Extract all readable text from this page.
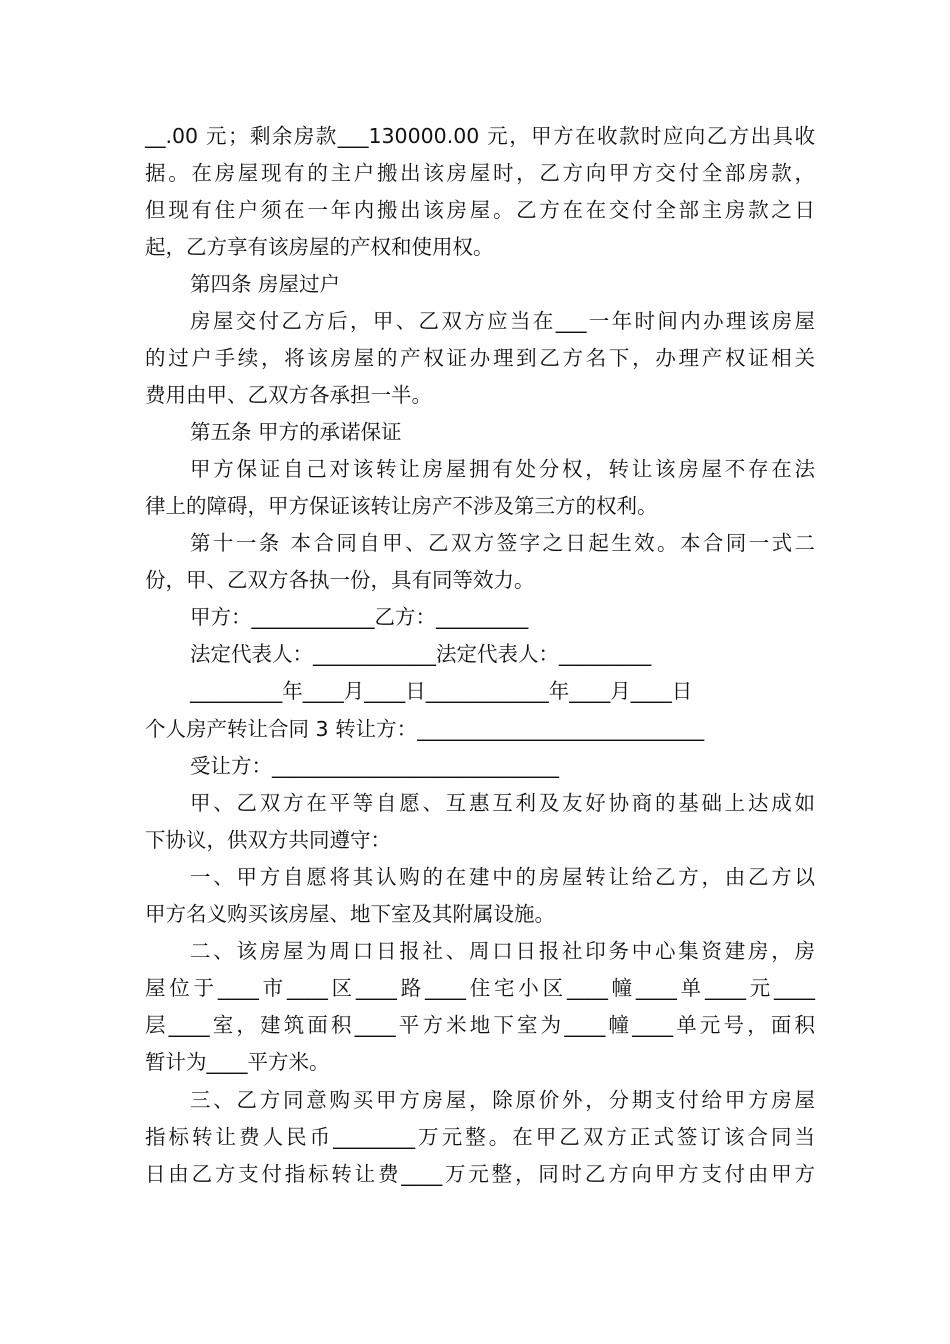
__.00 元；剩余房款___130000.00 元，甲方在收款时应向乙方出具收
据。在房屋现有的主户搬出该房屋时，乙方向甲方交付全部房款，
但现有住户须在一年内搬出该房屋。乙方在在交付全部主房款之日
起，乙方享有该房屋的产权和使用权。
第四条 房屋过户
房屋交付乙方后，甲、乙双方应当在___一年时间内办理该房屋
的过户手续，将该房屋的产权证办理到乙方名下，办理产权证相关
费用由甲、乙双方各承担一半。
第五条 甲方的承诺保证
甲方保证自己对该转让房屋拥有处分权，转让该房屋不存在法
律上的障碍，甲方保证该转让房产不涉及第三方的权利。
第十一条 本合同自甲、乙双方签字之日起生效。本合同一式二
份，甲、乙双方各执一份，具有同等效力。
甲方：____________乙方：_________
法定代表人：____________法定代表人：_________
_________年____月____日____________年____月____日
个人房产转让合同 3 转让方：____________________________
受让方：____________________________
甲、乙双方在平等自愿、互惠互利及友好协商的基础上达成如
下协议，供双方共同遵守：
一、甲方自愿将其认购的在建中的房屋转让给乙方，由乙方以
甲方名义购买该房屋、地下室及其附属设施。
二、该房屋为周口日报社、周口日报社印务中心集资建房，房
屋位于____市____区____路____住宅小区____幢____单____元____
层____室，建筑面积____平方米地下室为____幢____单元号，面积
暂计为____平方米。
三、乙方同意购买甲方房屋，除原价外，分期支付给甲方房屋
指标转让费人民币________万元整。在甲乙双方正式签订该合同当
日由乙方支付指标转让费____万元整，同时乙方向甲方支付由甲方
